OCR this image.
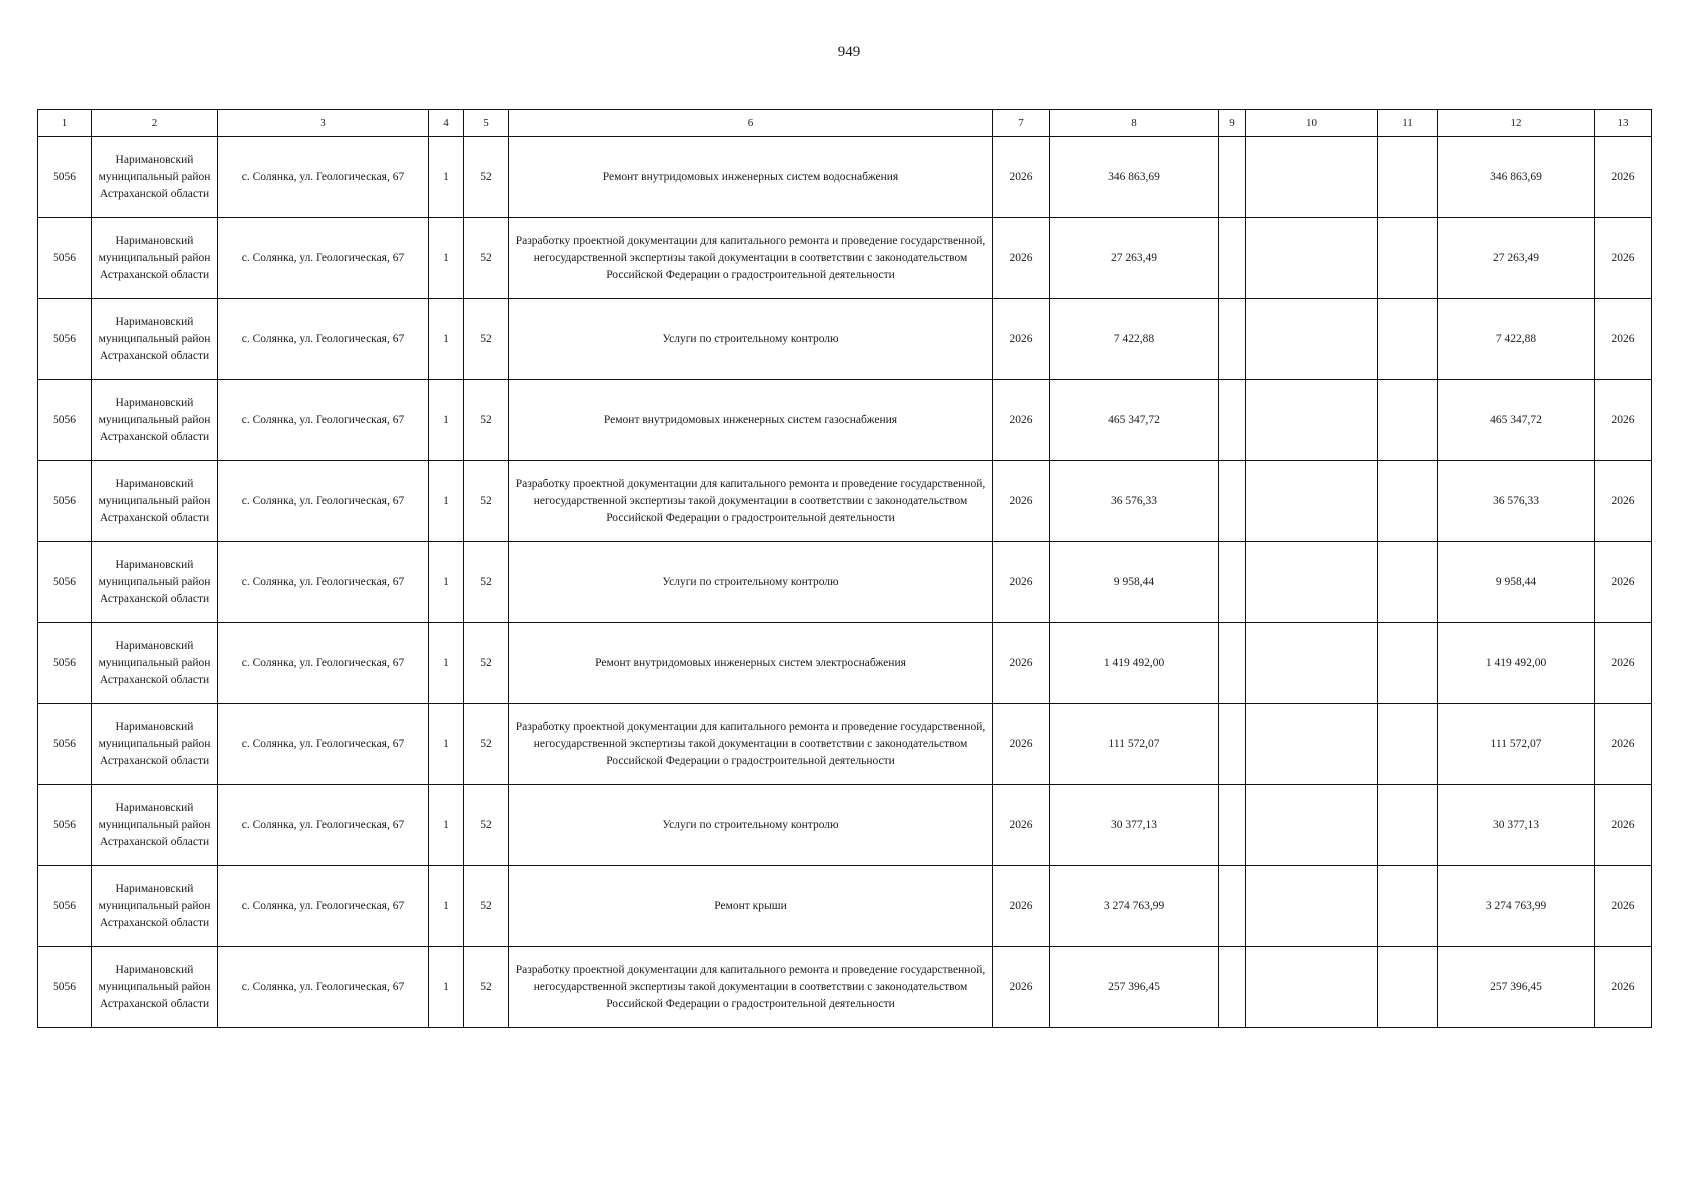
949
1	2	3	4	5	6	7	8	9	10	11	12	13
5056	Наримановский муниципальный район Астраханской области	с. Солянка, ул. Геологическая, 67	1	52	Ремонт внутридомовых инженерных систем водоснабжения	2026	346 863,69				346 863,69	2026
5056	Наримановский муниципальный район Астраханской области	с. Солянка, ул. Геологическая, 67	1	52	Разработку проектной документации для капитального ремонта и проведение государственной, негосударственной экспертизы такой документации в соответствии с законодательством Российской Федерации о градостроительной деятельности	2026	27 263,49				27 263,49	2026
5056	Наримановский муниципальный район Астраханской области	с. Солянка, ул. Геологическая, 67	1	52	Услуги по строительному контролю	2026	7 422,88				7 422,88	2026
5056	Наримановский муниципальный район Астраханской области	с. Солянка, ул. Геологическая, 67	1	52	Ремонт внутридомовых инженерных систем газоснабжения	2026	465 347,72				465 347,72	2026
5056	Наримановский муниципальный район Астраханской области	с. Солянка, ул. Геологическая, 67	1	52	Разработку проектной документации для капитального ремонта и проведение государственной, негосударственной экспертизы такой документации в соответствии с законодательством Российской Федерации о градостроительной деятельности	2026	36 576,33				36 576,33	2026
5056	Наримановский муниципальный район Астраханской области	с. Солянка, ул. Геологическая, 67	1	52	Услуги по строительному контролю	2026	9 958,44				9 958,44	2026
5056	Наримановский муниципальный район Астраханской области	с. Солянка, ул. Геологическая, 67	1	52	Ремонт внутридомовых инженерных систем электроснабжения	2026	1 419 492,00				1 419 492,00	2026
5056	Наримановский муниципальный район Астраханской области	с. Солянка, ул. Геологическая, 67	1	52	Разработку проектной документации для капитального ремонта и проведение государственной, негосударственной экспертизы такой документации в соответствии с законодательством Российской Федерации о градостроительной деятельности	2026	111 572,07				111 572,07	2026
5056	Наримановский муниципальный район Астраханской области	с. Солянка, ул. Геологическая, 67	1	52	Услуги по строительному контролю	2026	30 377,13				30 377,13	2026
5056	Наримановский муниципальный район Астраханской области	с. Солянка, ул. Геологическая, 67	1	52	Ремонт крыши	2026	3 274 763,99				3 274 763,99	2026
5056	Наримановский муниципальный район Астраханской области	с. Солянка, ул. Геологическая, 67	1	52	Разработку проектной документации для капитального ремонта и проведение государственной, негосударственной экспертизы такой документации в соответствии с законодательством Российской Федерации о градостроительной деятельности	2026	257 396,45				257 396,45	2026
